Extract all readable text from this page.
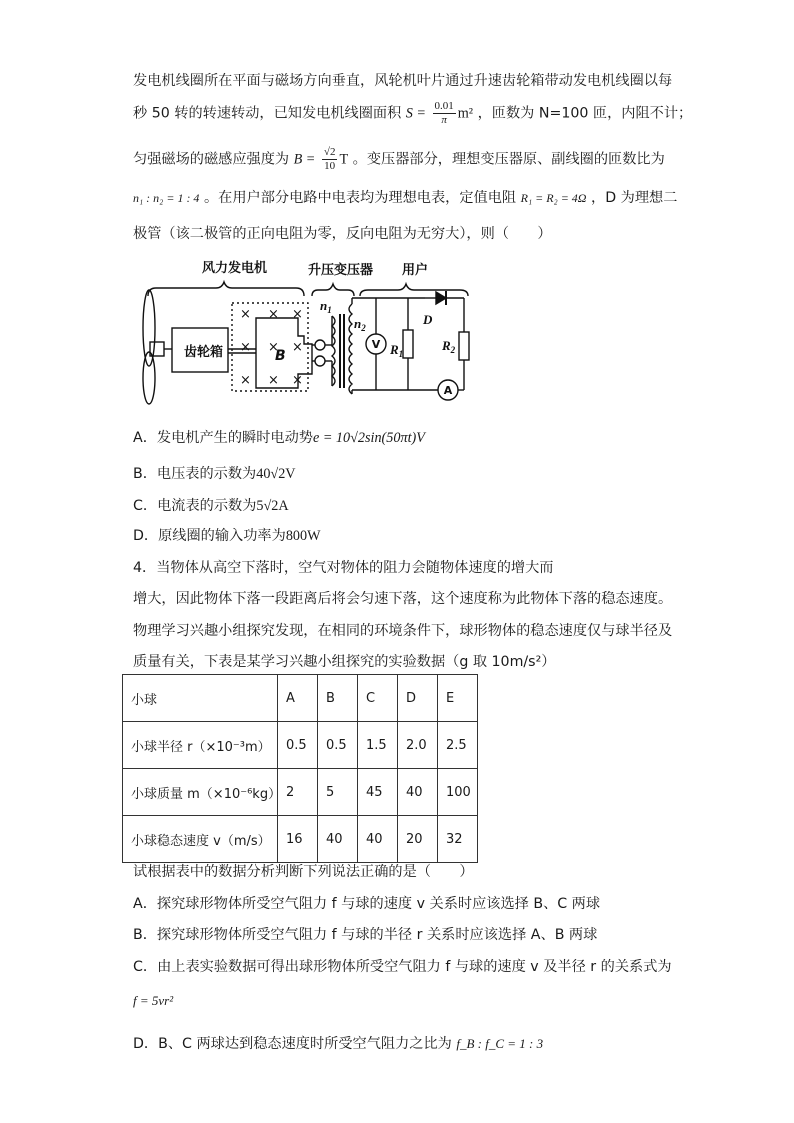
发电机线圈所在平面与磁场方向垂直，风轮机叶片通过升速齿轮箱带动发电机线圈以每
秒 50 转的转速转动，已知发电机线圈面积 $S = \frac{0.01}{\pi} m^2$ ，匝数为 N=100 匝，内阻不计；
匀强磁场的磁感应强度为 $B = \frac{√2}{10}$ T 。变压器部分，理想变压器原、副线圈的匝数比为
n₁ : n₂ = 1 : 4 。在用户部分电路中电表均为理想电表，定值电阻 R₁ = R₂ = 4Ω ，D 为理想二
极管（该二极管的正向电阻为零，反向电阻为无穷大），则（　　）
风力发电机	升压变压器 用户
× × ×
× × ×
× × ×
齿轮箱	B
$n_1$
$n_2$
$R_1$
$R_2$
D
V
A
A．发电机产生的瞬时电动势e = 10√2sin(50πt)V
B．电压表的示数为40√2V
C．电流表的示数为5√2A
D．原线圈的输入功率为800W
4．当物体从高空下落时，空气对物体的阻力会随物体速度的增大而
增大，因此物体下落一段距离后将会匀速下落，这个速度称为此物体下落的稳态速度。
物理学习兴趣小组探究发现，在相同的环境条件下，球形物体的稳态速度仅与球半径及
质量有关，下表是某学习兴趣小组探究的实验数据（g 取 10m/s²）
小球	A	B	C	D	E
小球半径 r（×10⁻³m）	0.5	0.5	1.5	2.0	2.5
小球质量 m（×10⁻⁶kg）	2	5	45	40	100
小球稳态速度 v（m/s）	16	40	40	20	32
试根据表中的数据分析判断下列说法正确的是（　　）
A．探究球形物体所受空气阻力 f 与球的速度 v 关系时应该选择 B、C 两球
B．探究球形物体所受空气阻力 f 与球的半径 r 关系时应该选择 A、B 两球
C．由上表实验数据可得出球形物体所受空气阻力 f 与球的速度 v 及半径 r 的关系式为
f = 5vr²
D．B、C 两球达到稳态速度时所受空气阻力之比为 f_B : f_C = 1 : 3
